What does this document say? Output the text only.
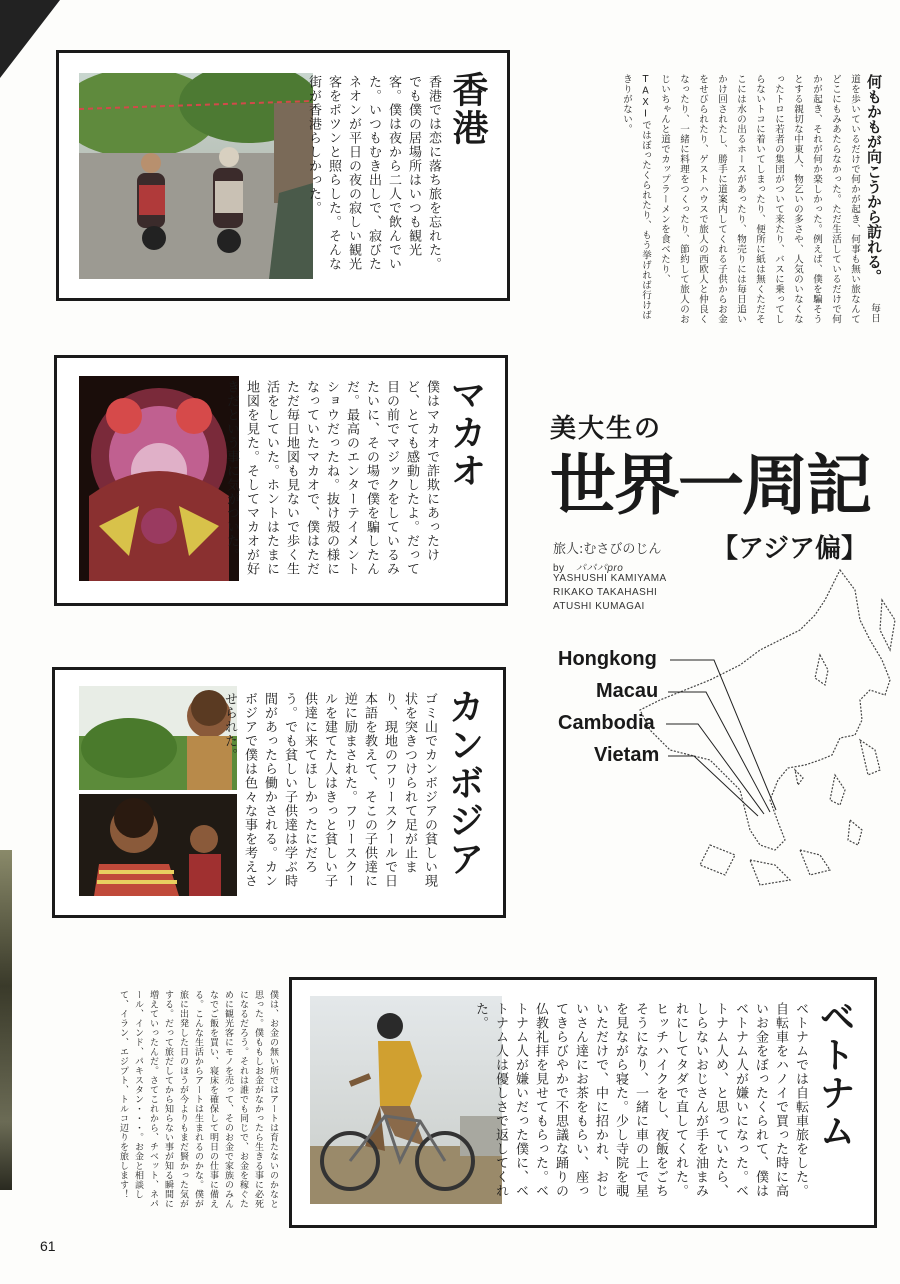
何もかもが向こうから訪れる。 毎日道を歩いているだけで何かが起き、何事も無い旅なんてどこにもみあたらなかった。ただ生活しているだけで何かが起き、それが何か楽しかった。例えば、僕を騙そうとする親切な中東人、物乞いの多さや、人気のいなくなったトロに若者の集団がついて来たり、バスに乗ってしらないトコに着いてしまったり、便所に紙は無くただそこには水の出るホースがあったり、物売りには毎日追いかけ回されたし、勝手に道案内してくれる子供からお金をせびられたり、ゲストハウスで旅人の西欧人と仲良くなったり、一緒に料理をつくったり、節約して旅人のおじいちゃんと道でカップラーメンを食べたり、TAXIではぼったくられたり、もう挙げれば行けばきりがない。
香港
香港では恋に落ち旅を忘れた。でも僕の居場所はいつも観光客。僕は夜から二人で飲んでいた。いつもむき出しで、寂びたネオンが平日の夜の寂しい観光客をポツンと照らした。そんな街が香港らしかった。
マカオ
僕はマカオで詐欺にあったけど、とても感動したよ。だって目の前でマジックをしているみたいに、その場で僕を騙したんだ。最高のエンターテイメントショウだったね。抜け殻の様になっていたマカオで、僕はただただ毎日地図も見ないで歩く生活をしていた。ホントはたまに地図を見た。そしてマカオが好きだという事に気がついた。	美大生の
世界一周記
【アジア偏】
旅人:むさびのじん
by パパパpro
YASHUSHI KAMIYAMA
RIKAKO TAKAHASHI
ATUSHI KUMAGAI
Hongkong
Macau
Cambodia
Vietam
カンボジア
ゴミ山でカンボジアの貧しい現状を突きつけられて足が止まり、現地のフリースクールで日本語を教えて、そこの子供達に逆に励まされた。フリースクールを建てた人はきっと貧しい子供達に来てほしかったにだろう。でも貧しい子供達は学ぶ時間があったら働かされる。カンボジアで僕は色々な事を考えさせられた。
ベトナム
ベトナムでは自転車旅をした。自転車をハノイで買った時に高いお金をぼったくられて、僕はベトナム人が嫌いになった。ベトナム人め、と思っていたら、しらないおじさんが手を油まみれにしてタダで直してくれた。ヒッチハイクをし、夜飯をごちそうになり、一緒に車の上で星を見ながら寝た。少し寺院を覗いただけで、中に招かれ、おじいさん達にお茶をもらい、座ってきらびやかで不思議な踊りの仏教礼拝を見せてもらった。ベトナム人が嫌いだった僕に、ベトナム人は優しさで返してくれた。
僕は、お金の無い所ではアートは育たないのかなと思った。僕ももしお金がなかったら生きる事に必死になるだろう。それは誰でも同じで、お金を稼ぐために観光客にモノを売って、そのお金で家族のみんなでご飯を買い、寝床を確保して明日の仕事に備える。こんな生活からアートは生まれるのかな。僕が旅に出発した日のほうが今よりもまだ賢かった気がする。だって旅だしてから知らない事が知る瞬間に増えていったんだ。さてこれから、チベット、ネパール、インド、パキスタン・・・。お金と相談して、イラン、エジプト、トルコ辺りを旅します！
61
